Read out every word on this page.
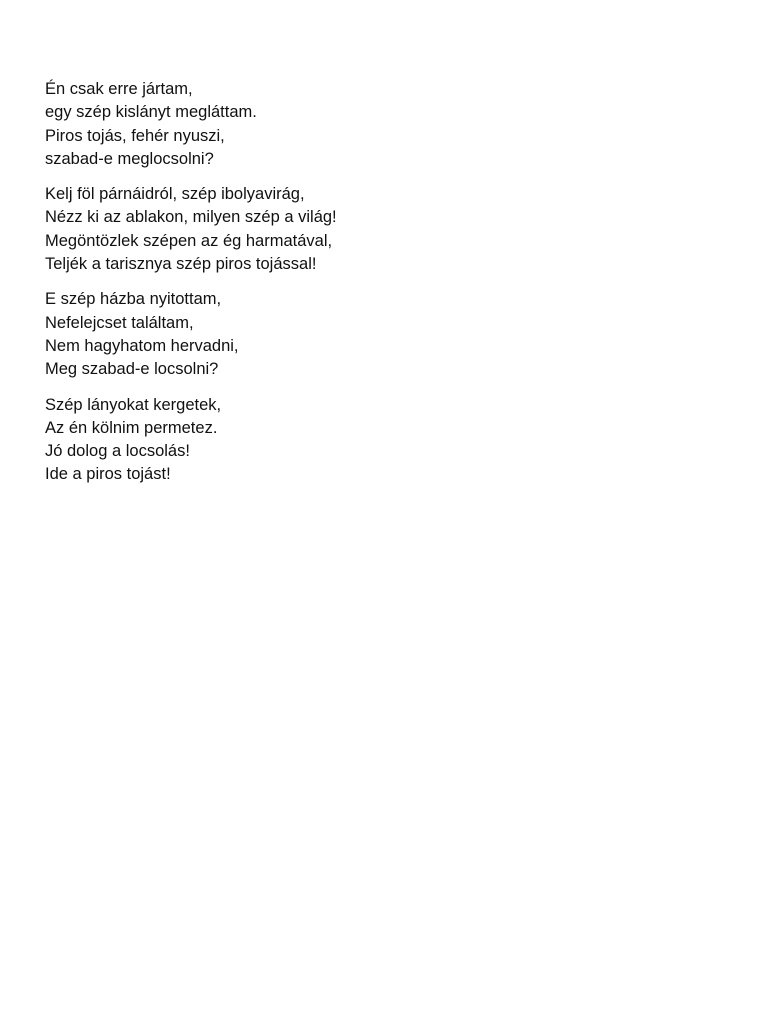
Én csak erre jártam,
egy szép kislányt megláttam.
Piros tojás, fehér nyuszi,
szabad-e meglocsolni?
Kelj föl párnáidról, szép ibolyavirág,
Nézz ki az ablakon, milyen szép a világ!
Megöntözlek szépen az ég harmatával,
Teljék a tarisznya szép piros tojással!
E szép házba nyitottam,
Nefelejcset találtam,
Nem hagyhatom hervadni,
Meg szabad-e locsolni?
Szép lányokat kergetek,
Az én kölnim permetez.
Jó dolog a locsolás!
Ide a piros tojást!
